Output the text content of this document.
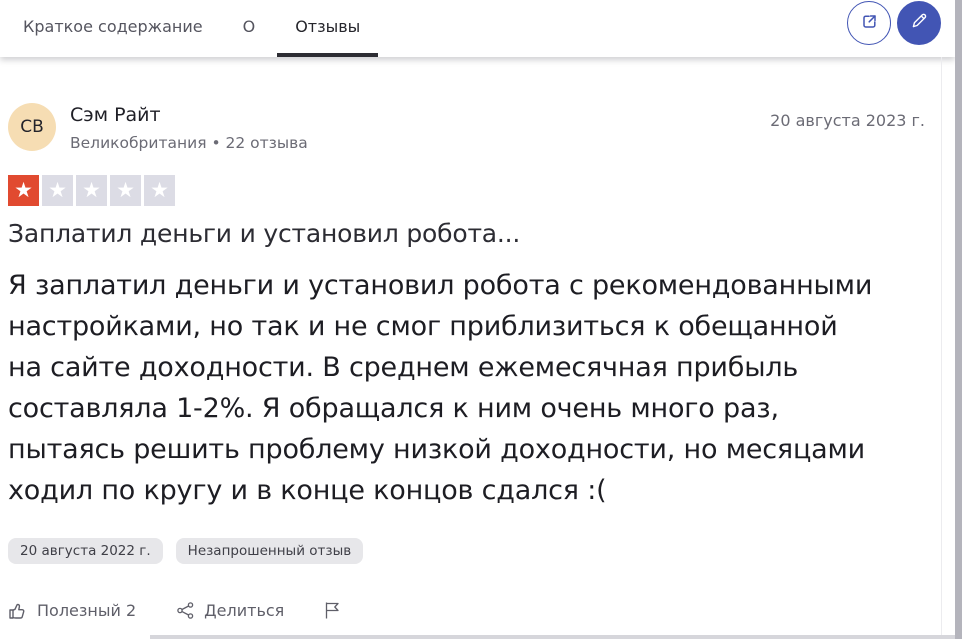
Краткое содержание	О	Отзывы
СВ
Сэм Райт
Великобритания • 22 отзыва
20 августа 2023 г.
★ ★ ★ ★ ★
Заплатил деньги и установил робота...

Я заплатил деньги и установил робота с рекомендованными настройками, но так и не смог приблизиться к обещанной на сайте доходности. В среднем ежемесячная прибыль составляла 1-2%. Я обращался к ним очень много раз, пытаясь решить проблему низкой доходности, но месяцами ходил по кругу и в конце концов сдался :(

20 августа 2022 г.	Незапрошенный отзыв
Полезный 2	Делиться
